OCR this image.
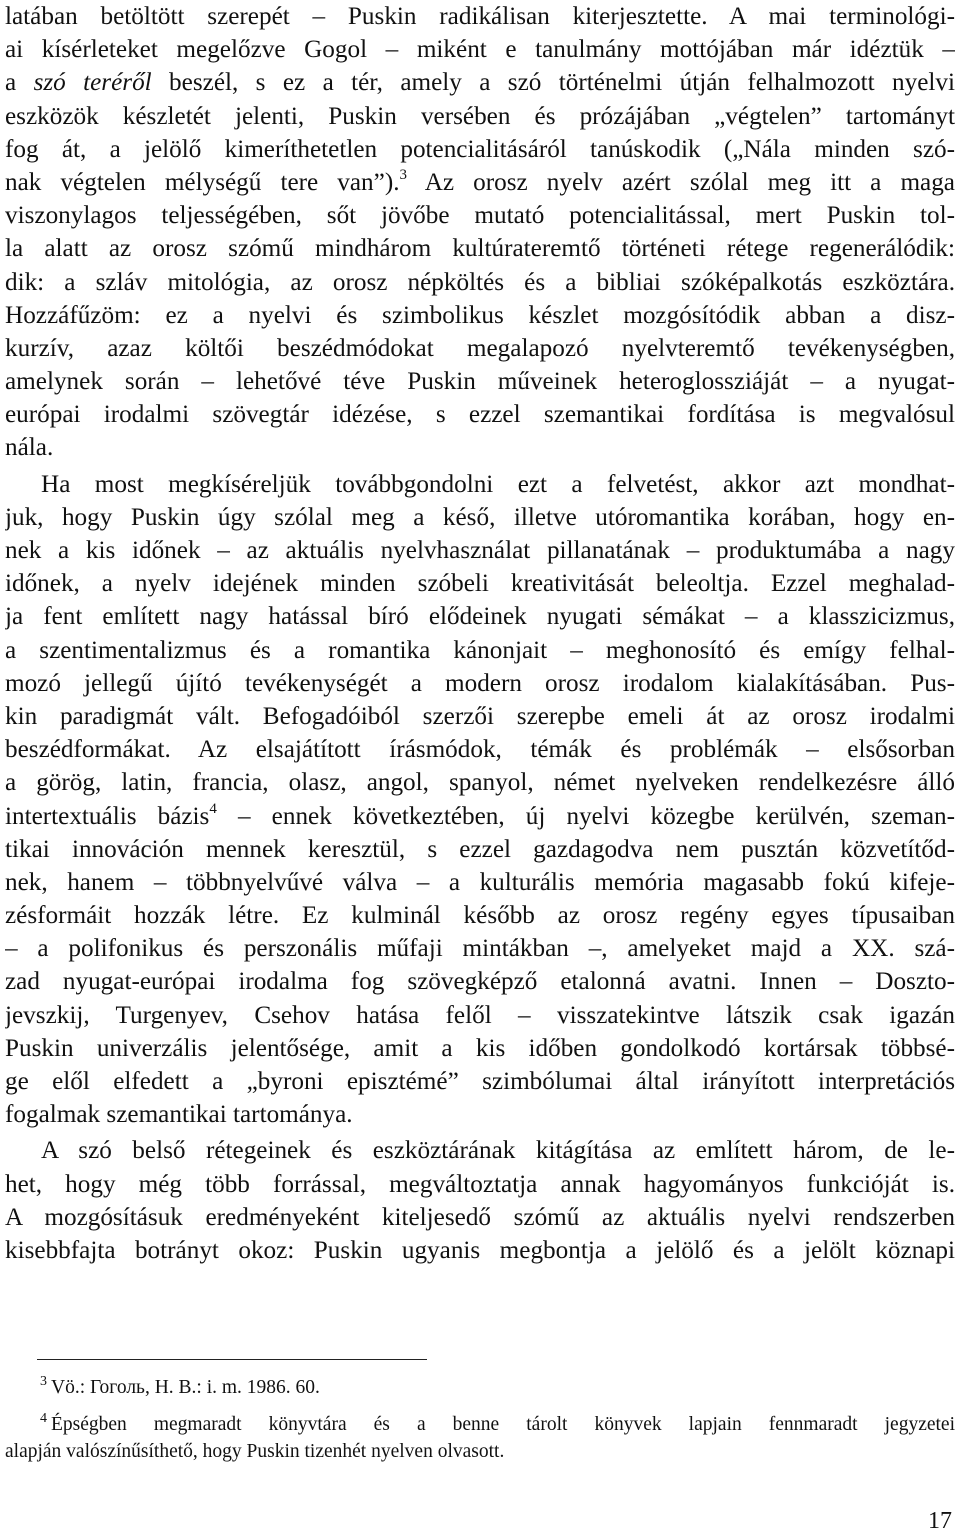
latában betöltött szerepét – Puskin radikálisan kiterjesztette. A mai terminológi-
ai kísérleteket megelőzve Gogol – miként e tanulmány mottójában már idéztük –
a szó teréről beszél, s ez a tér, amely a szó történelmi útján felhalmozott nyelvi
eszközök készletét jelenti, Puskin versében és prózájában „végtelen” tartományt
fog át, a jelölő kimeríthetetlen potencialitásáról tanúskodik („Nála minden szó-
nak végtelen mélységű tere van”).$^3$ Az orosz nyelv azért szólal meg itt a maga
viszonylagos teljességében, sőt jövőbe mutató potencialitással, mert Puskin tol-
la alatt az orosz szómű mindhárom kultúrateremtő történeti rétege regenerálódik:
dik: a szláv mitológia, az orosz népköltés és a bibliai szóképalkotás eszköztára.
Hozzáfűzöm: ez a nyelvi és szimbolikus készlet mozgósítódik abban a disz-
kurzív, azaz költői beszédmódokat megalapozó nyelvteremtő tevékenységben,
amelynek során – lehetővé téve Puskin műveinek heteroglossziáját – a nyugat-
európai irodalmi szövegtár idézése, s ezzel szemantikai fordítása is megvalósul
nála.
Ha most megkíséreljük továbbgondolni ezt a felvetést, akkor azt mondhat-
juk, hogy Puskin úgy szólal meg a késő, illetve utóromantika korában, hogy en-
nek a kis időnek – az aktuális nyelvhasználat pillanatának – produktumába a nagy
időnek, a nyelv idejének minden szóbeli kreativitását beleoltja. Ezzel meghalad-
ja fent említett nagy hatással bíró elődeinek nyugati sémákat – a klasszicizmus,
a szentimentalizmus és a romantika kánonjait – meghonosító és emígy felhal-
mozó jellegű újító tevékenységét a modern orosz irodalom kialakításában. Pus-
kin paradigmát vált. Befogadóiból szerzői szerepbe emeli át az orosz irodalmi
beszédformákat. Az elsajátított írásmódok, témák és problémák – elsősorban
a görög, latin, francia, olasz, angol, spanyol, német nyelveken rendelkezésre álló
intertextuális bázis$^4$ – ennek következtében, új nyelvi közegbe kerülvén, szeman-
tikai innováción mennek keresztül, s ezzel gazdagodva nem pusztán közvetítőd-
nek, hanem – többnyelvűvé válva – a kulturális memória magasabb fokú kifeje-
zésformáit hozzák létre. Ez kulminál később az orosz regény egyes típusaiban
– a polifonikus és perszonális műfaji mintákban –, amelyeket majd a XX. szá-
zad nyugat-európai irodalma fog szövegképző etalonná avatni. Innen – Doszto-
jevszkij, Turgenyev, Csehov hatása felől – visszatekintve látszik csak igazán
Puskin univerzális jelentősége, amit a kis időben gondolkodó kortársak többsé-
ge elől elfedett a „byroni episztémé” szimbólumai által irányított interpretációs
fogalmak szemantikai tartománya.
A szó belső rétegeinek és eszköztárának kitágítása az említett három, de le-
het, hogy még több forrással, megváltoztatja annak hagyományos funkcióját is.
A mozgósításuk eredményeként kiteljesedő szómű az aktuális nyelvi rendszerben
kisebbfajta botrányt okoz: Puskin ugyanis megbontja a jelölő és a jelölt köznapi
$^3$ Vö.: Гоголь, Н. В.: i. m. 1986. 60.
$^4$ Épségben megmaradt könyvtára és a benne tárolt könyvek lapjain fennmaradt jegyzetei
alapján valószínűsíthető, hogy Puskin tizenhét nyelven olvasott.
17
